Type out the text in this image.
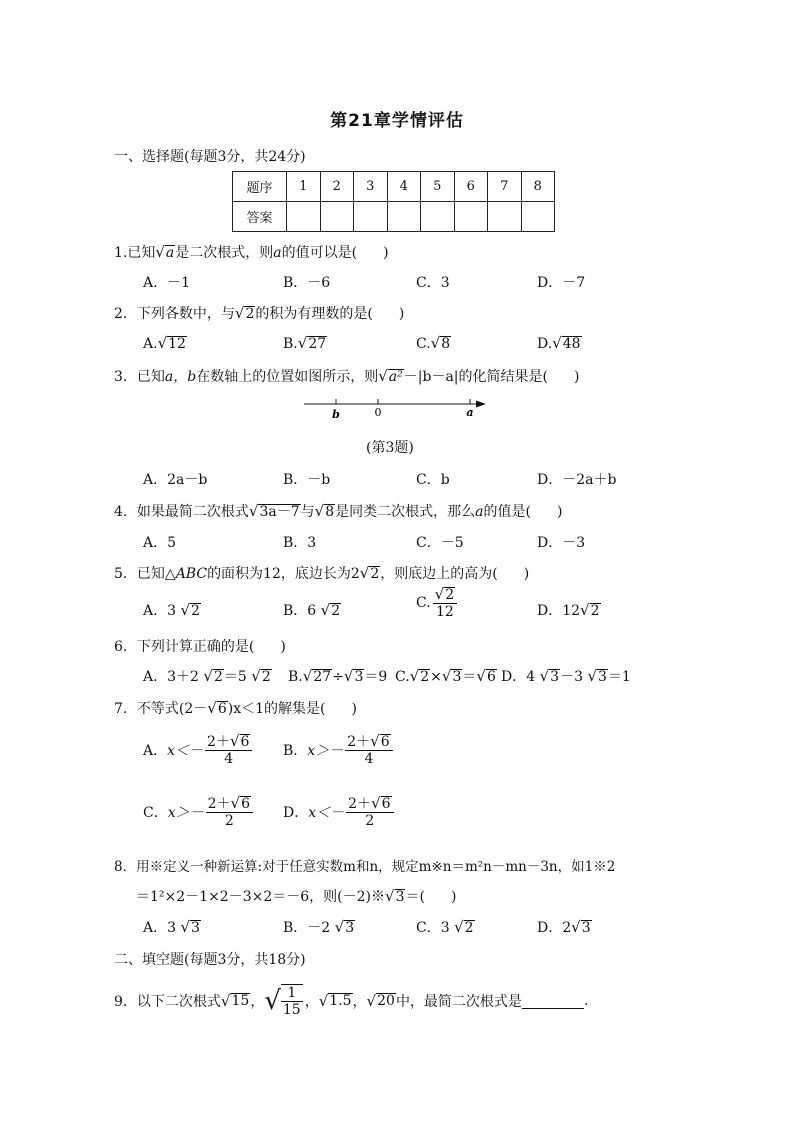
第21章学情评估
一、选择题(每题3分，共24分)
题序	1	2	3	4	5	6	7	8
答案								
1.已知√a是二次根式，则a的值可以是( )
A．－1	B．－6	C．3	D．－7
2．下列各数中，与√2的积为有理数的是( )
A.√12	B.√27	C.√8	D.√48
3．已知a，b在数轴上的位置如图所示，则√a²－|b－a|的化简结果是( )
b	0	a
(第3题)
A．2a－b	B．－b	C．b	D．－2a＋b
4．如果最简二次根式√3a－7与√8是同类二次根式，那么a的值是( )
A．5	B．3	C．－5	D．－3
5．已知△ABC的面积为12，底边长为2√2，则底边上的高为( )
A．3 √2	B．6 √2	C. $\frac{√2}{12}$	D．12√2
6．下列计算正确的是( )
A．3＋2 √2＝5 √2 B.√27÷√3＝9 C.√2×√3＝√6 D．4 √3－3 √3＝1
7．不等式(2－√6)x＜1的解集是( )
A．$x<- \frac{2+√6}{4}$ B．$x>- \frac{2+√6}{4}$
C．$x>- \frac{2+√6}{2}$ D．$x<- \frac{2+√6}{2}$
8．用※定义一种新运算:对于任意实数m和n，规定m※n＝m²n－mn－3n，如1※2
＝1²×2－1×2－3×2＝－6，则(－2)※√3＝( )
A．3 √3	B．－2 √3	C．3 √2	D．2√3
二、填空题(每题3分，共18分)
9．以下二次根式√15，√ $\frac{1}{15}$ ，√1.5，√20中，最简二次根式是	.
